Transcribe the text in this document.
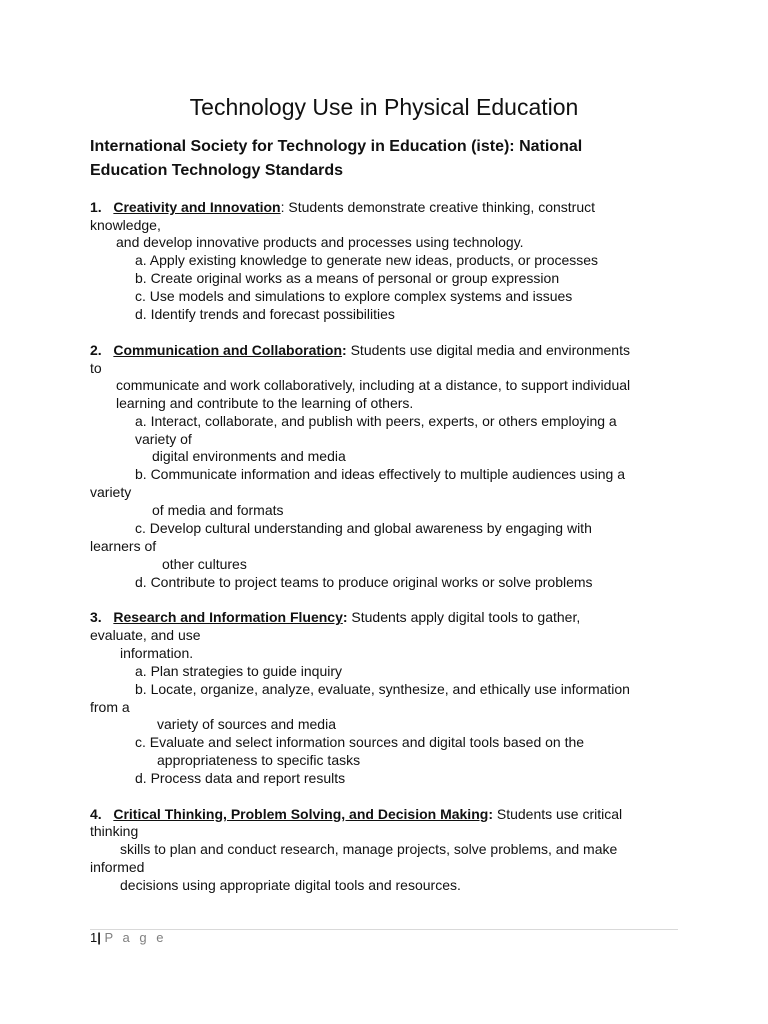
Technology Use in Physical Education
International Society for Technology in Education (iste): National
Education Technology Standards
1. Creativity and Innovation: Students demonstrate creative thinking, construct
knowledge,
and develop innovative products and processes using technology.
a. Apply existing knowledge to generate new ideas, products, or processes
b. Create original works as a means of personal or group expression
c. Use models and simulations to explore complex systems and issues
d. Identify trends and forecast possibilities
2. Communication and Collaboration: Students use digital media and environments
to
communicate and work collaboratively, including at a distance, to support individual
learning and contribute to the learning of others.
a. Interact, collaborate, and publish with peers, experts, or others employing a
variety of
digital environments and media
b. Communicate information and ideas effectively to multiple audiences using a
variety
of media and formats
c. Develop cultural understanding and global awareness by engaging with
learners of
other cultures
d. Contribute to project teams to produce original works or solve problems
3. Research and Information Fluency: Students apply digital tools to gather,
evaluate, and use
information.
a. Plan strategies to guide inquiry
b. Locate, organize, analyze, evaluate, synthesize, and ethically use information
from a
variety of sources and media
c. Evaluate and select information sources and digital tools based on the
appropriateness to specific tasks
d. Process data and report results
4. Critical Thinking, Problem Solving, and Decision Making: Students use critical
thinking
skills to plan and conduct research, manage projects, solve problems, and make
informed
decisions using appropriate digital tools and resources.
1| P a g e
